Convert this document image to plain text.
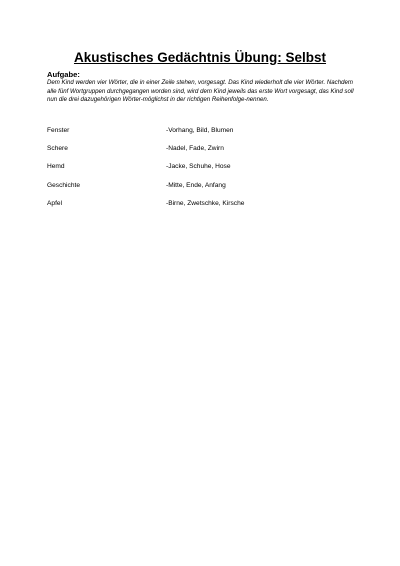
Akustisches Gedächtnis Übung: Selbst

Aufgabe:

Dem Kind werden vier Wörter, die in einer Zeile stehen, vorgesagt. Das Kind wiederholt die vier Wörter. Nachdem alle fünf Wortgruppen durchgegangen worden sind, wird dem Kind jeweils das erste Wort vorgesagt, das Kind soll nun die drei dazugehörigen Wörter-möglichst in der richtigen Reihenfolge-nennen.

Fenster	-Vorhang, Bild, Blumen
Schere	-Nadel, Fade, Zwirn
Hemd	-Jacke, Schuhe, Hose
Geschichte	-Mitte, Ende, Anfang
Apfel	-Birne, Zwetschke, Kirsche
